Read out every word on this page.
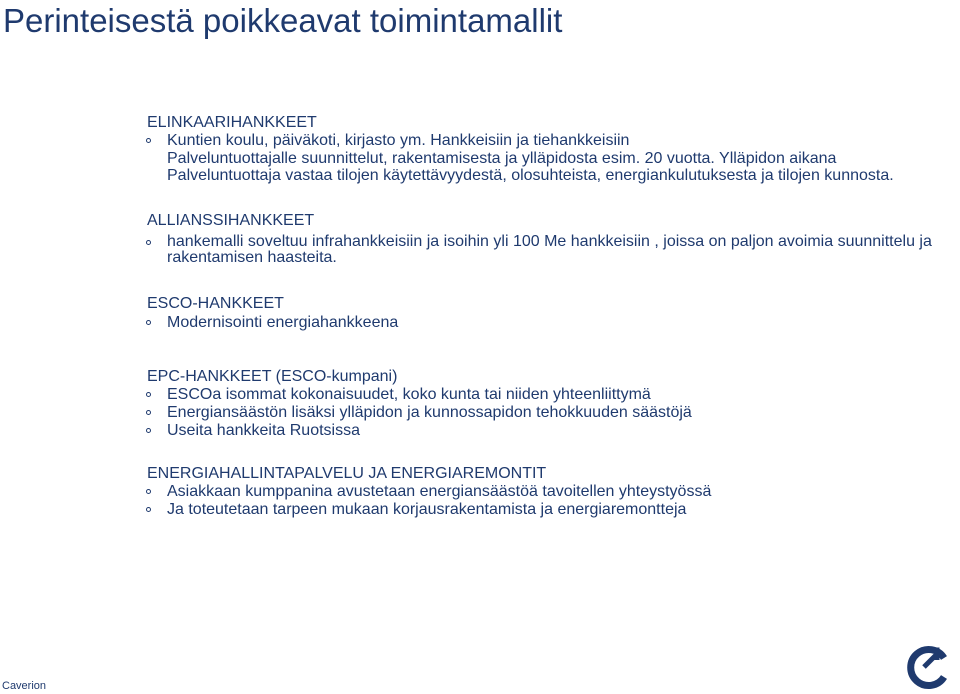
Perinteisestä poikkeavat toimintamallit
ELINKAARIHANKKEET
Kuntien koulu, päiväkoti, kirjasto ym. Hankkeisiin ja tiehankkeisiin
Palveluntuottajalle suunnittelut, rakentamisesta ja ylläpidosta esim. 20 vuotta. Ylläpidon aikana
Palveluntuottaja vastaa tilojen käytettävyydestä, olosuhteista, energiankulutuksesta ja tilojen kunnosta.
ALLIANSSIHANKKEET
hankemalli soveltuu infrahankkeisiin ja isoihin yli 100 Me hankkeisiin , joissa on paljon avoimia suunnittelu ja
rakentamisen haasteita.
ESCO-HANKKEET
Modernisointi energiahankkeena
EPC-HANKKEET (ESCO-kumpani)
ESCOa isommat kokonaisuudet, koko kunta tai niiden yhteenliittymä
Energiansäästön lisäksi ylläpidon ja kunnossapidon tehokkuuden säästöjä
Useita hankkeita Ruotsissa
ENERGIAHALLINTAPALVELU JA ENERGIAREMONTIT
Asiakkaan kumppanina avustetaan energiansäästöä tavoitellen yhteystyössä
Ja toteutetaan tarpeen mukaan korjausrakentamista ja energiaremontteja
Caverion
